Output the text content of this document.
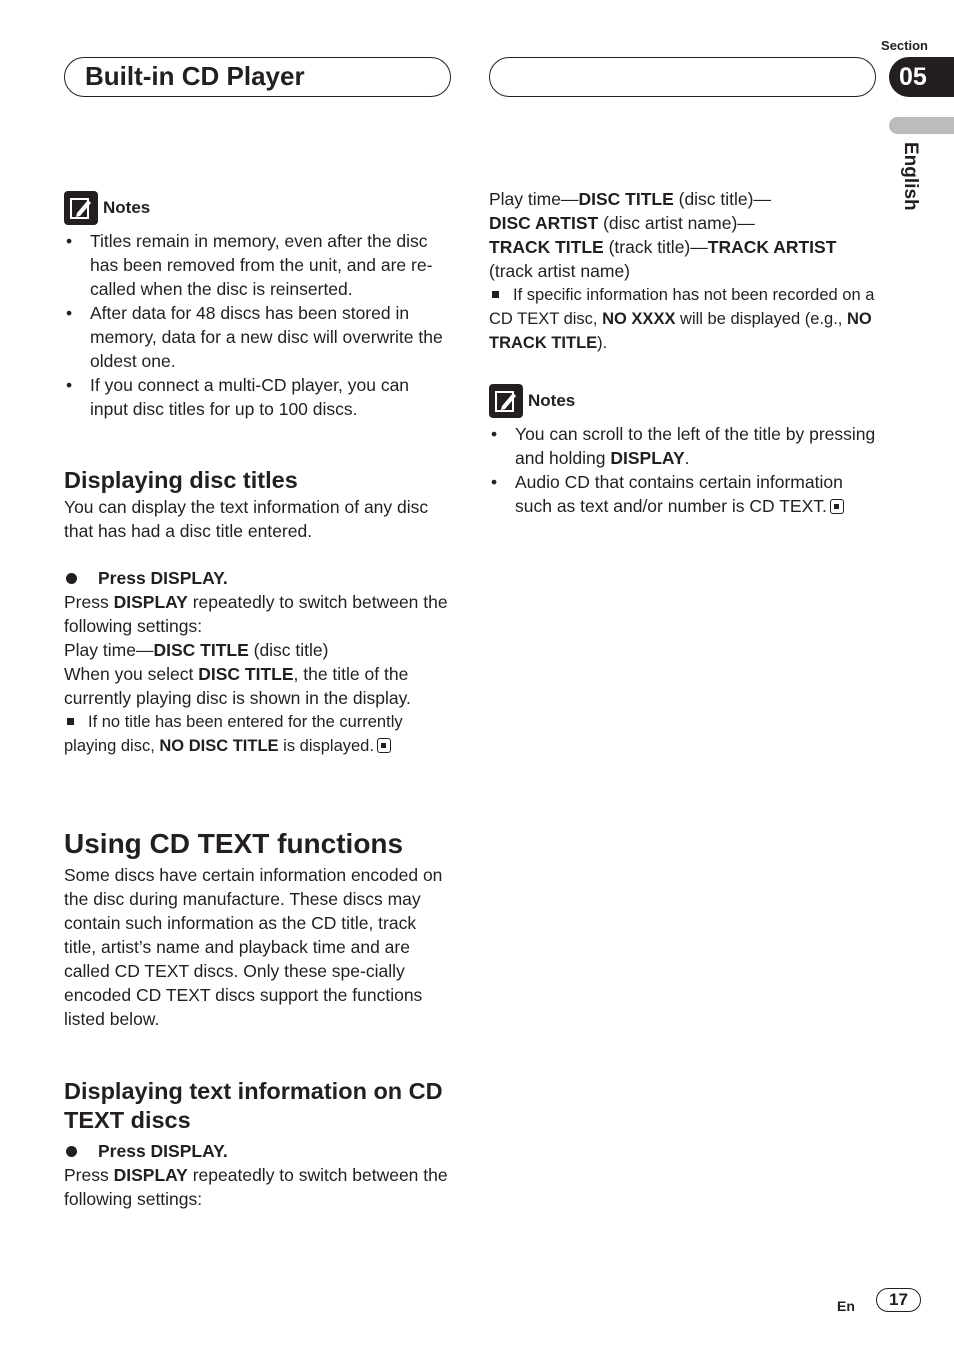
Built-in CD Player
Section
05
English
Notes
• Titles remain in memory, even after the disc has been removed from the unit, and are re-called when the disc is reinserted.
• After data for 48 discs has been stored in memory, data for a new disc will overwrite the oldest one.
• If you connect a multi-CD player, you can input disc titles for up to 100 discs.
Displaying disc titles

You can display the text information of any disc that has had a disc title entered.

Press DISPLAY.

Press DISPLAY repeatedly to switch between the following settings:

Play time—DISC TITLE (disc title)

When you select DISC TITLE, the title of the currently playing disc is shown in the display.

If no title has been entered for the currently playing disc, NO DISC TITLE is displayed.

Using CD TEXT functions

Some discs have certain information encoded on the disc during manufacture. These discs may contain such information as the CD title, track title, artist’s name and playback time and are called CD TEXT discs. Only these spe-cially encoded CD TEXT discs support the functions listed below.

Displaying text information on CD TEXT discs
Press DISPLAY.

Press DISPLAY repeatedly to switch between the following settings:

Play time—DISC TITLE (disc title)—
DISC ARTIST (disc artist name)—
TRACK TITLE (track title)—TRACK ARTIST
(track artist name)

If specific information has not been recorded on a CD TEXT disc, NO XXXX will be displayed (e.g., NO TRACK TITLE).

Notes
• You can scroll to the left of the title by pressing and holding DISPLAY.
• Audio CD that contains certain information such as text and/or number is CD TEXT.
En	17
